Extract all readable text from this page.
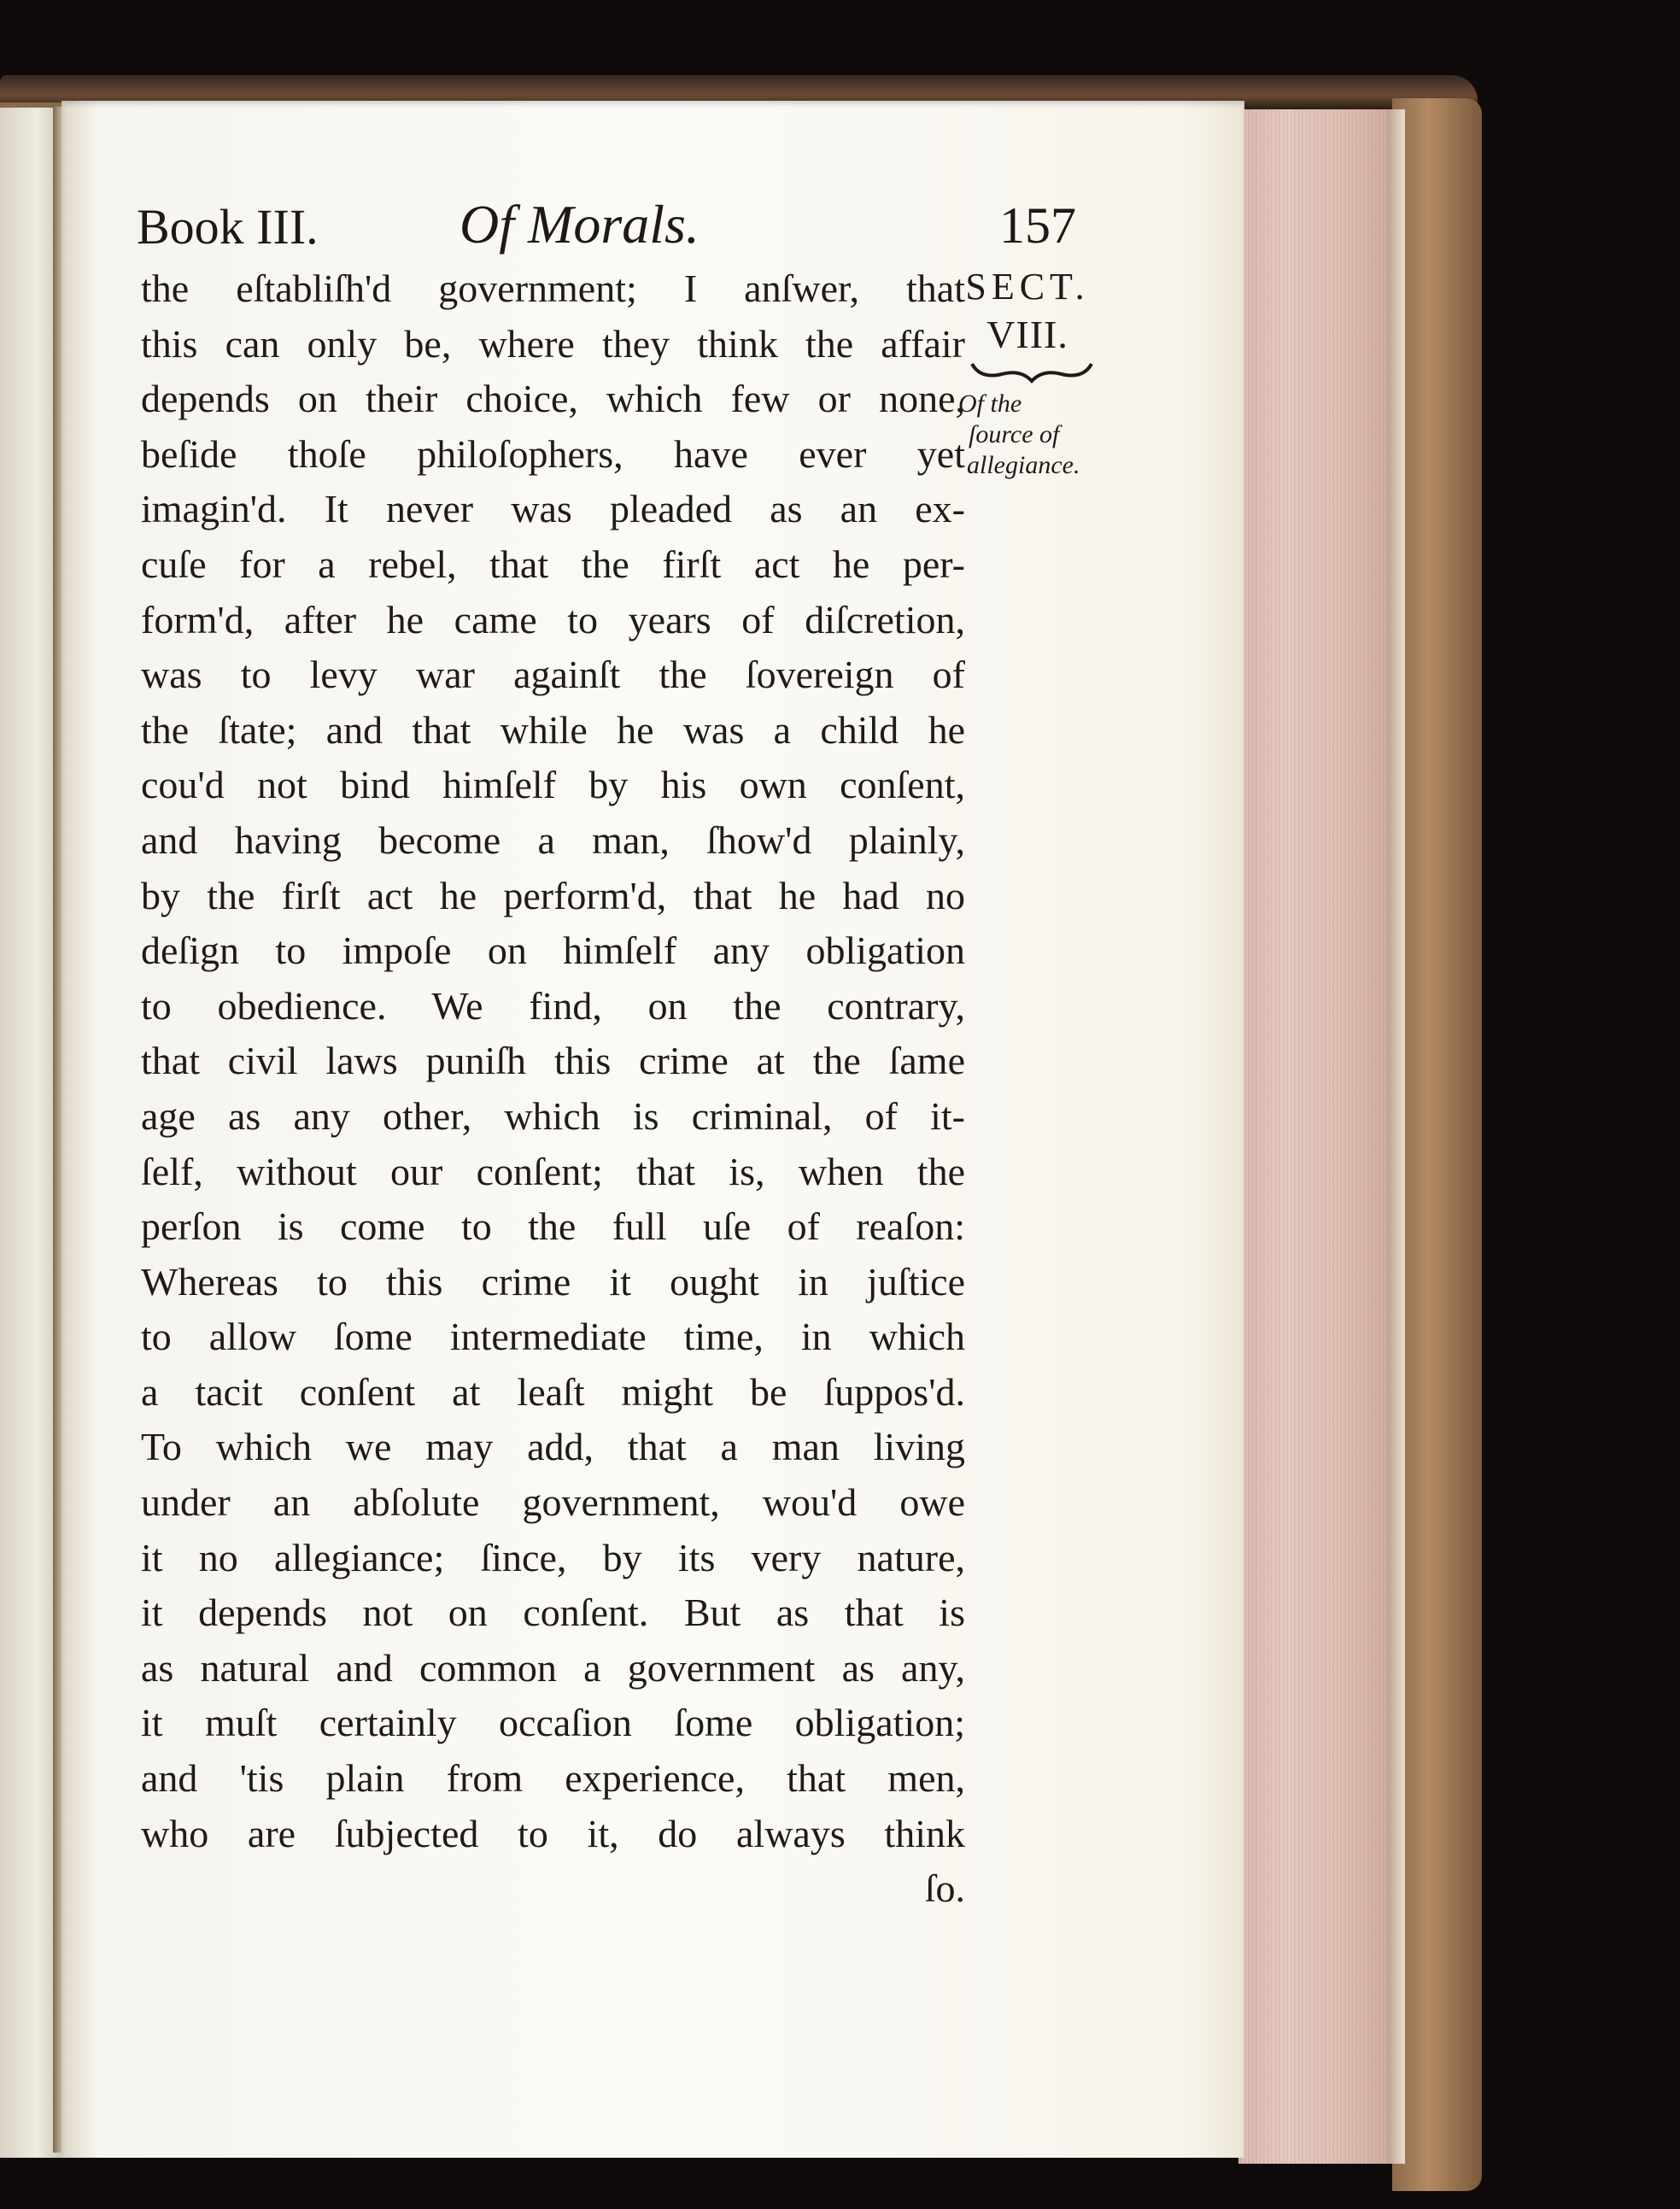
Book III.	Of Morals.	157
the eſtabliſh'd government; I anſwer, that
this can only be, where they think the affair
depends on their choice, which few or none,
beſide thoſe philoſophers, have ever yet
imagin'd. It never was pleaded as an ex-
cuſe for a rebel, that the firſt act he per-
form'd, after he came to years of diſcretion,
was to levy war againſt the ſovereign of
the ſtate; and that while he was a child he
cou'd not bind himſelf by his own conſent,
and having become a man, ſhow'd plainly,
by the firſt act he perform'd, that he had no
deſign to impoſe on himſelf any obligation
to obedience. We find, on the contrary,
that civil laws puniſh this crime at the ſame
age as any other, which is criminal, of it-
ſelf, without our conſent; that is, when the
perſon is come to the full uſe of reaſon:
Whereas to this crime it ought in juſtice
to allow ſome intermediate time, in which
a tacit conſent at leaſt might be ſuppos'd.
To which we may add, that a man living
under an abſolute government, wou'd owe
it no allegiance; ſince, by its very nature,
it depends not on conſent. But as that is
as natural and common a government as any,
it muſt certainly occaſion ſome obligation;
and 'tis plain from experience, that men,
who are ſubjected to it, do always think
ſo.
SECT.
VIII.
Of the
ſource of
allegiance.
